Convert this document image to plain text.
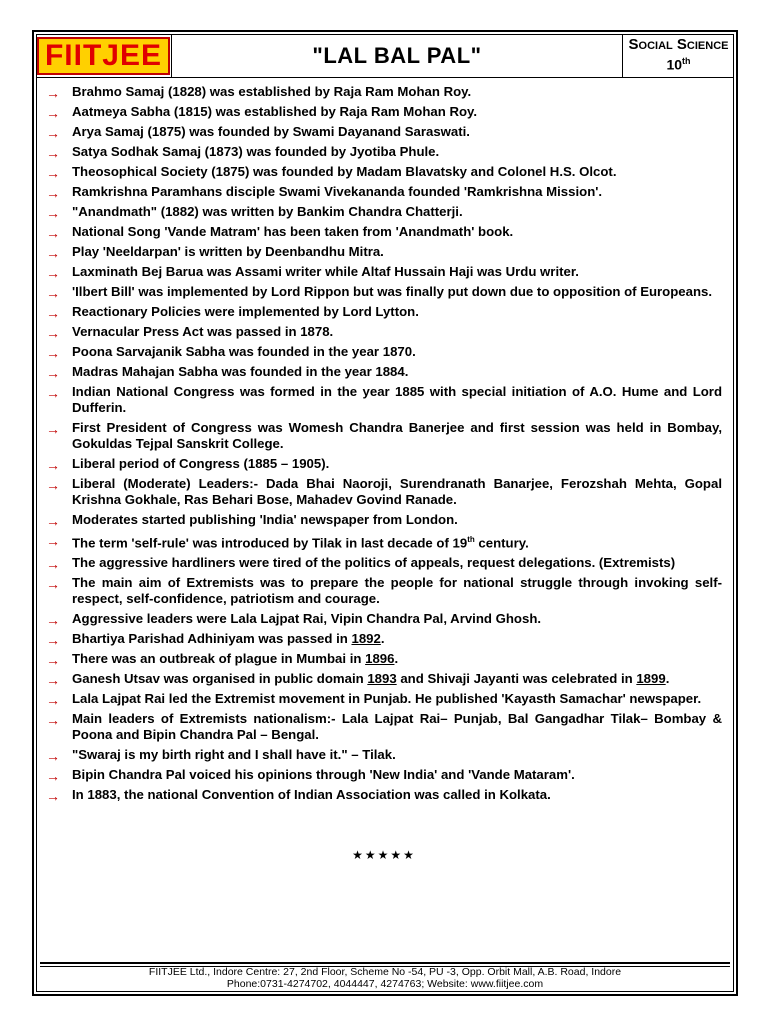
FIITJEE	"LAL BAL PAL"	Social Science
10th
→ Brahmo Samaj (1828) was established by Raja Ram Mohan Roy.
→ Aatmeya Sabha (1815) was established by Raja Ram Mohan Roy.
→ Arya Samaj (1875) was founded by Swami Dayanand Saraswati.
→ Satya Sodhak Samaj (1873) was founded by Jyotiba Phule.
→ Theosophical Society (1875) was founded by Madam Blavatsky and Colonel H.S. Olcot.
→ Ramkrishna Paramhans disciple Swami Vivekananda founded 'Ramkrishna Mission'.
→ "Anandmath" (1882) was written by Bankim Chandra Chatterji.
→ National Song 'Vande Matram' has been taken from 'Anandmath' book.
→ Play 'Neeldarpan' is written by Deenbandhu Mitra.
→ Laxminath Bej Barua was Assami writer while Altaf Hussain Haji was Urdu writer.
→ 'Ilbert Bill' was implemented by Lord Rippon but was finally put down due to opposition of Europeans.
→ Reactionary Policies were implemented by Lord Lytton.
→ Vernacular Press Act was passed in 1878.
→ Poona Sarvajanik Sabha was founded in the year 1870.
→ Madras Mahajan Sabha was founded in the year 1884.
→ Indian National Congress was formed in the year 1885 with special initiation of A.O. Hume and Lord Dufferin.
→ First President of Congress was Womesh Chandra Banerjee and first session was held in Bombay, Gokuldas Tejpal Sanskrit College.
→ Liberal period of Congress (1885 – 1905).
→ Liberal (Moderate) Leaders:- Dada Bhai Naoroji, Surendranath Banarjee, Ferozshah Mehta, Gopal Krishna Gokhale, Ras Behari Bose, Mahadev Govind Ranade.
→ Moderates started publishing 'India' newspaper from London.
→ The term 'self-rule' was introduced by Tilak in last decade of 19th century.
→ The aggressive hardliners were tired of the politics of appeals, request delegations. (Extremists)
→ The main aim of Extremists was to prepare the people for national struggle through invoking self-respect, self-confidence, patriotism and courage.
→ Aggressive leaders were Lala Lajpat Rai, Vipin Chandra Pal, Arvind Ghosh.
→ Bhartiya Parishad Adhiniyam was passed in 1892.
→ There was an outbreak of plague in Mumbai in 1896.
→ Ganesh Utsav was organised in public domain 1893 and Shivaji Jayanti was celebrated in 1899.
→ Lala Lajpat Rai led the Extremist movement in Punjab. He published 'Kayasth Samachar' newspaper.
→ Main leaders of Extremists nationalism:- Lala Lajpat Rai– Punjab, Bal Gangadhar Tilak– Bombay & Poona and Bipin Chandra Pal – Bengal.
→ "Swaraj is my birth right and I shall have it." – Tilak.
→ Bipin Chandra Pal voiced his opinions through 'New India' and 'Vande Mataram'.
→ In 1883, the national Convention of Indian Association was called in Kolkata.
★★★★★
FIITJEE Ltd., Indore Centre: 27, 2nd Floor, Scheme No -54, PU -3, Opp. Orbit Mall, A.B. Road, Indore
Phone:0731-4274702, 4044447, 4274763; Website: www.fiitjee.com
